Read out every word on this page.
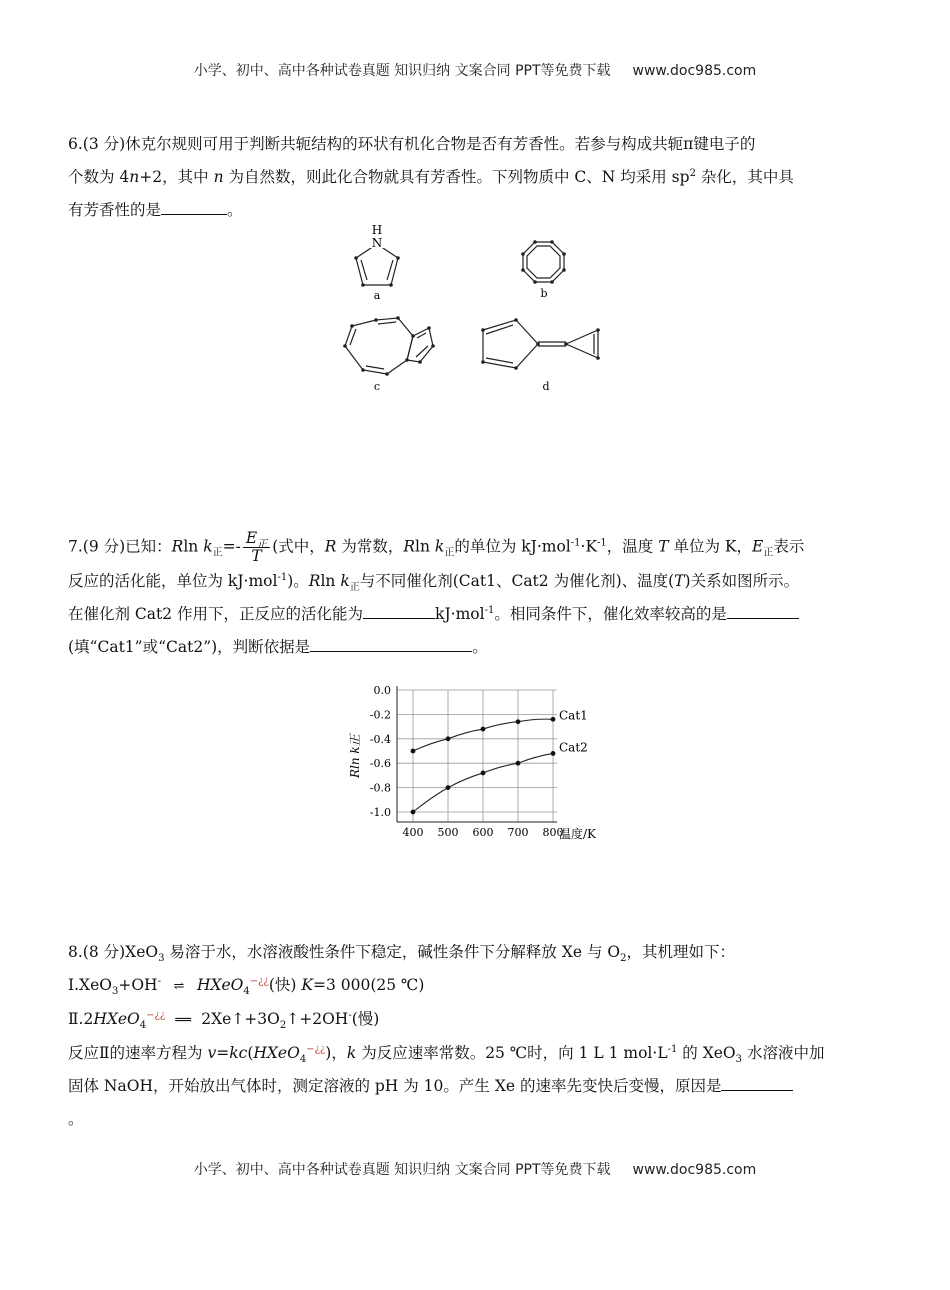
小学、初中、高中各种试卷真题 知识归纳 文案合同 PPT等免费下载 www.doc985.com
6.(3 分)休克尔规则可用于判断共轭结构的环状有机化合物是否有芳香性。若参与构成共轭π键电子的
个数为 4n+2，其中 n 为自然数，则此化合物就具有芳香性。下列物质中 C、N 均采用 $sp^2$ 杂化，其中具
有芳香性的是	。
H
N
a	b
c	d
7.(9 分)已知：Rln $k_正=- \frac{E_正}{T}$ (式中，R 为常数，Rln $k_正$的单位为 $kJ\cdot mol^{-1}\cdot K^{-1}$，温度 T 单位为 K，$E_正$表示
反应的活化能，单位为 kJ·mol$^{-1}$)。Rln $k_正$与不同催化剂(Cat1、Cat2 为催化剂)、温度(T)关系如图所示。
在催化剂 Cat2 作用下，正反应的活化能为	kJ·mol$^{-1}$。相同条件下，催化效率较高的是
(填“Cat1”或“Cat2”)，判断依据是	。
0.0
-0.2
-0.4
-0.6
-0.8
-1.0
400 500 600 700 800
温度/K
Rln k正
Cat1
Cat2
8.(8 分)XeO$_3$ 易溶于水，水溶液酸性条件下稳定，碱性条件下分解释放 Xe 与 $O_2$，其机理如下：
Ⅰ.XeO$_3$+OH- ⇌ HXeO$_4$−¿¿(快) K=3 000(25 ℃)
Ⅱ.2HXeO$_4$−¿¿ ══ $2Xe↑+3O_2↑+2OH^-$(慢)
反应Ⅱ的速率方程为 v=kc(HXeO$_4$−¿¿)，k 为反应速率常数。25 ℃时，向 1 L 1 $mol\cdot L^{-1}$ 的 XeO$_3$ 水溶液中加
固体 NaOH，开始放出气体时，测定溶液的 pH 为 10。产生 Xe 的速率先变快后变慢，原因是
。
小学、初中、高中各种试卷真题 知识归纳 文案合同 PPT等免费下载 www.doc985.com
